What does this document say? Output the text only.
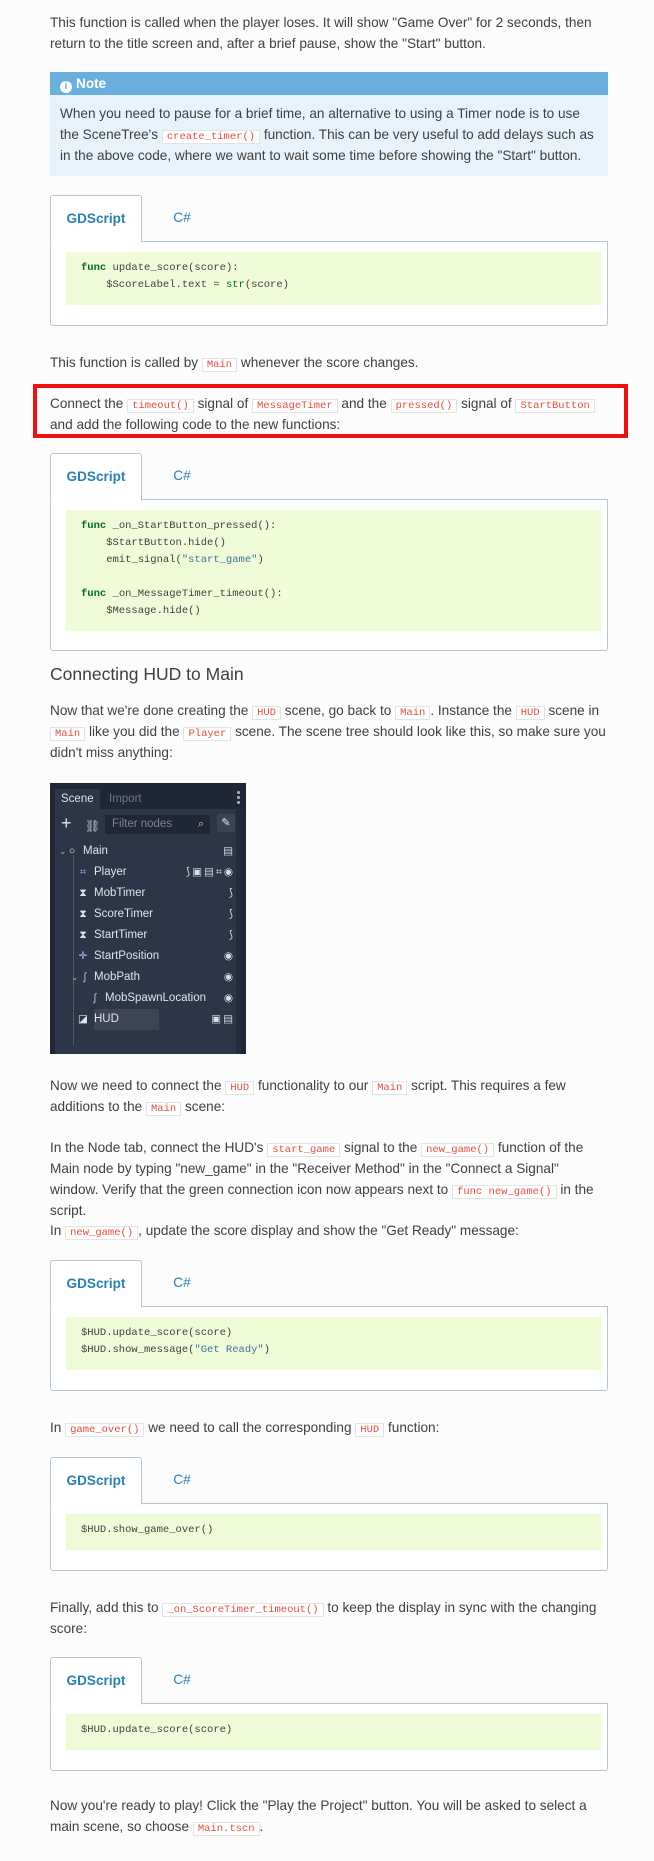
This function is called when the player loses. It will show "Game Over" for 2 seconds, then return to the title screen and, after a brief pause, show the "Start" button.

i Note
When you need to pause for a brief time, an alternative to using a Timer node is to use the SceneTree's create_timer() function. This can be very useful to add delays such as in the above code, where we want to wait some time before showing the "Start" button.
GDScript	C#
func update_score(score):
$ScoreLabel.text = str(score)

This function is called by Main whenever the score changes.

Connect the timeout() signal of MessageTimer and the pressed() signal of StartButton and add the following code to the new functions:

GDScript	C#
func _on_StartButton_pressed():
$StartButton.hide()
emit_signal("start_game")

func _on_MessageTimer_timeout():
$Message.hide()
Connecting HUD to Main

Now that we're done creating the HUD scene, go back to Main . Instance the HUD scene in Main like you did the Player scene. The scene tree should look like this, so make sure you didn't miss anything:

Scene	Import
+ ⛓	Filter nodes ⌕	✎
⌄ ○ Main	▤
⌗ Player	⟆▣▤⌗◉
⧗ MobTimer	⟆
⧗ ScoreTimer	⟆
⧗ StartTimer	⟆
✛ StartPosition	◉
⌄ ∫ MobPath	◉
∫ MobSpawnLocation ◉
◪ HUD	▣▤

Now we need to connect the HUD functionality to our Main script. This requires a few additions to the Main scene:

In the Node tab, connect the HUD's start_game signal to the new_game() function of the Main node by typing "new_game" in the "Receiver Method" in the "Connect a Signal" window. Verify that the green connection icon now appears next to func new_game() in the script.

In new_game() , update the score display and show the "Get Ready" message:

GDScript	C#
$HUD.update_score(score)
$HUD.show_message("Get Ready")

In game_over() we need to call the corresponding HUD function:

GDScript	C#
$HUD.show_game_over()

Finally, add this to _on_ScoreTimer_timeout() to keep the display in sync with the changing score:

GDScript	C#
$HUD.update_score(score)

Now you're ready to play! Click the "Play the Project" button. You will be asked to select a main scene, so choose Main.tscn .
